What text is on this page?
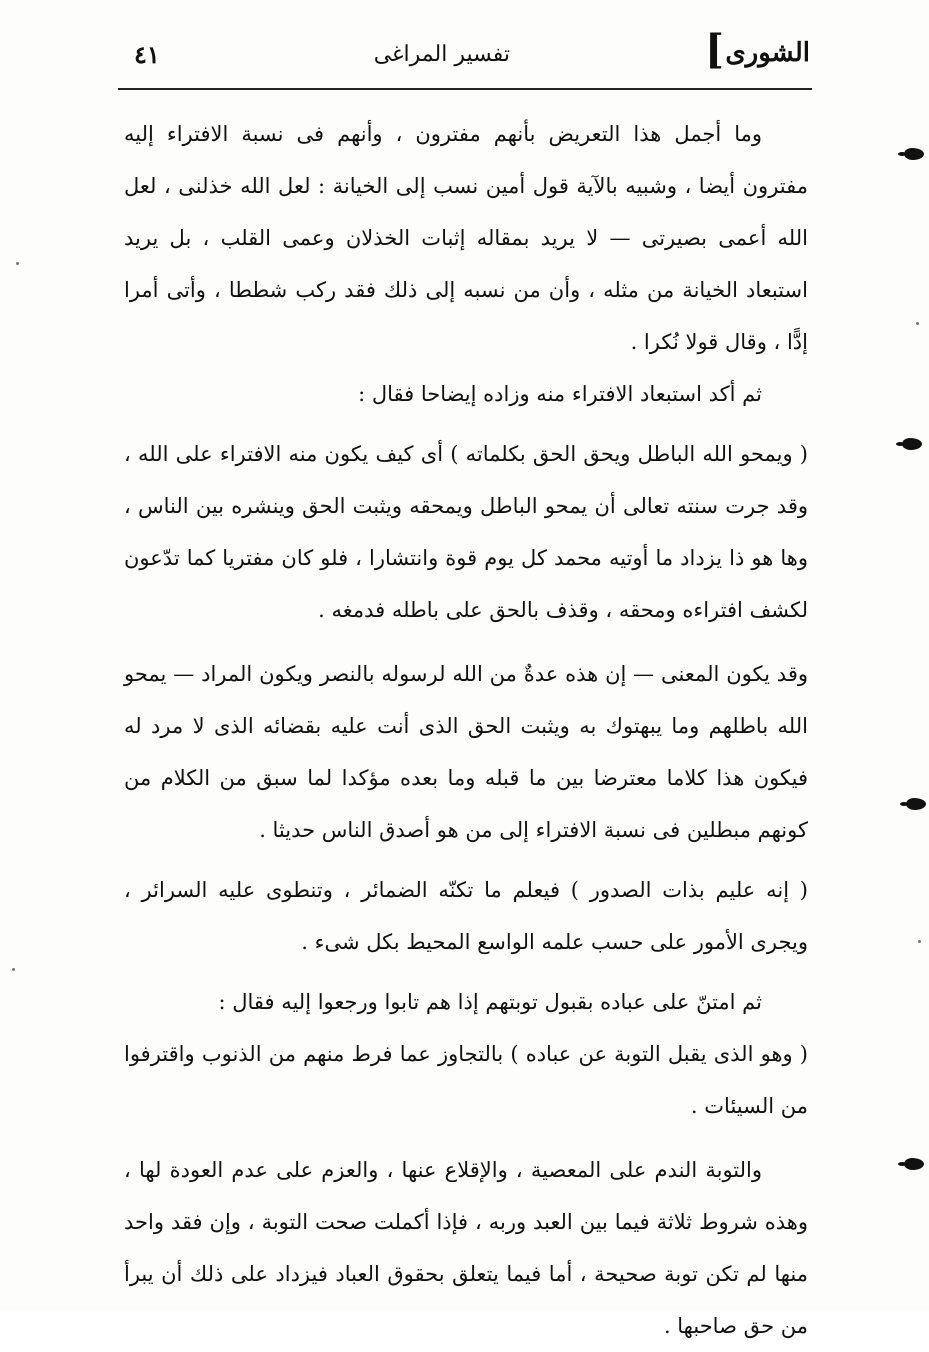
الشورى
]
تفسير المراغى
٤١

وما أجمل هذا التعريض بأنهم مفترون ، وأنهم فى نسبة الافتراء إليه مفترون أيضا ، وشبيه بالآية قول أمين نسب إلى الخيانة : لعل الله خذلنى ، لعل الله أعمى بصيرتى — لا يريد بمقاله إثبات الخذلان وعمى القلب ، بل يريد استبعاد الخيانة من مثله ، وأن من نسبه إلى ذلك فقد ركب شططا ، وأتى أمرا إدًّا ، وقال قولا نُكرا .

ثم أكد استبعاد الافتراء منه وزاده إيضاحا فقال :

( ويمحو الله الباطل ويحق الحق بكلماته ) أى كيف يكون منه الافتراء على الله ، وقد جرت سنته تعالى أن يمحو الباطل ويمحقه ويثبت الحق وينشره بين الناس ، وها هو ذا يزداد ما أوتيه محمد كل يوم قوة وانتشارا ، فلو كان مفتريا كما تدّعون لكشف افتراءه ومحقه ، وقذف بالحق على باطله فدمغه .

وقد يكون المعنى — إن هذه عدةٌ من الله لرسوله بالنصر ويكون المراد — يمحو الله باطلهم وما يبهتوك به ويثبت الحق الذى أنت عليه بقضائه الذى لا مرد له فيكون هذا كلاما معترضا بين ما قبله وما بعده مؤكدا لما سبق من الكلام من كونهم مبطلين فى نسبة الافتراء إلى من هو أصدق الناس حديثا .

( إنه عليم بذات الصدور ) فيعلم ما تكنّه الضمائر ، وتنطوى عليه السرائر ، ويجرى الأمور على حسب علمه الواسع المحيط بكل شىء .

ثم امتنّ على عباده بقبول توبتهم إذا هم تابوا ورجعوا إليه فقال :

( وهو الذى يقبل التوبة عن عباده ) بالتجاوز عما فرط منهم من الذنوب واقترفوا من السيئات .

والتوبة الندم على المعصية ، والإقلاع عنها ، والعزم على عدم العودة لها ، وهذه شروط ثلاثة فيما بين العبد وربه ، فإذا أكملت صحت التوبة ، وإن فقد واحد منها لم تكن توبة صحيحة ، أما فيما يتعلق بحقوق العباد فيزداد على ذلك أن يبرأ من حق صاحبها .
